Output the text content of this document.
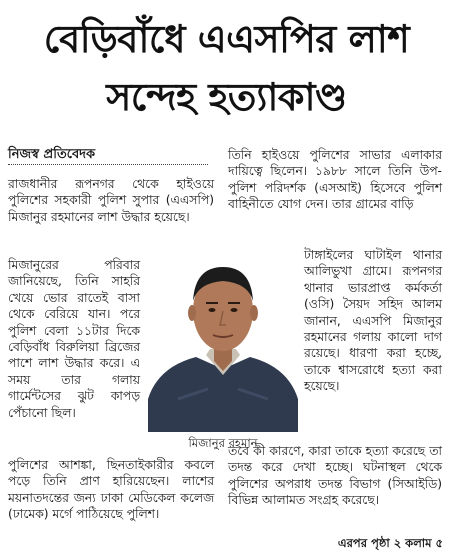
বেড়িবাঁধে এএসপির লাশ
সন্দেহ হত্যাকাণ্ড
নিজস্ব প্রতিবেদক

রাজধানীর রূপনগর থেকে হাইওয়ে পুলিশের সহকারী পুলিশ সুপার (এএসপি) মিজানুর রহমানের লাশ উদ্ধার হয়েছে।

মিজানুরের পরিবার জানিয়েছে, তিনি সাহরি খেয়ে ভোর রাতেই বাসা থেকে বেরিয়ে যান। পরে পুলিশ বেলা ১১টার দিকে বেড়িবাঁধ বিরুলিয়া ব্রিজের পাশে লাশ উদ্ধার করে। এ সময় তার গলায় গার্মেন্টসের ঝুট কাপড় পেঁচানো ছিল।

পুলিশের আশঙ্কা, ছিনতাইকারীর কবলে পড়ে তিনি প্রাণ হারিয়েছেন। লাশের ময়নাতদন্তের জন্য ঢাকা মেডিকেল কলেজ (ঢামেক) মর্গে পাঠিয়েছে পুলিশ।

তিনি হাইওয়ে পুলিশের সাভার এলাকার দায়িত্বে ছিলেন। ১৯৮৮ সালে তিনি উপ-পুলিশ পরিদর্শক (এসআই) হিসেবে পুলিশ বাহিনীতে যোগ দেন। তার গ্রামের বাড়ি

টাঙ্গাইলের ঘাটাইল থানার আলিভুখা গ্রামে। রূপনগর থানার ভারপ্রাপ্ত কর্মকর্তা (ওসি) সৈয়দ সহিদ আলম জানান, এএসপি মিজানুর রহমানের গলায় কালো দাগ রয়েছে। ধারণা করা হচ্ছে, তাকে শ্বাসরোধে হত্যা করা হয়েছে।

তবে কী কারণে, কারা তাকে হত্যা করেছে তা তদন্ত করে দেখা হচ্ছে। ঘটনাস্থল থেকে পুলিশের অপরাধ তদন্ত বিভাগ (সিআইডি) বিভিন্ন আলামত সংগ্রহ করেছে।

মিজানুর রহমান
এরপর পৃষ্ঠা ২ কলাম ৫
